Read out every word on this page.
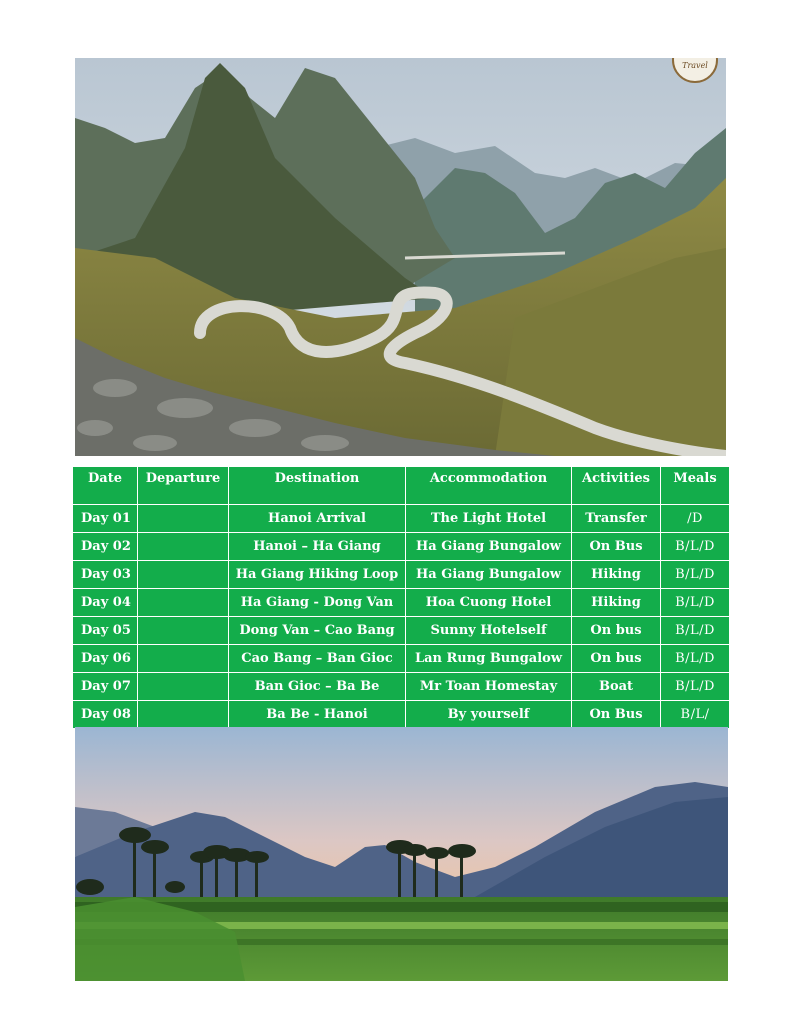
Travel
Date	Departure	Destination	Accommodation	Activities	Meals
Day 01		Hanoi Arrival	The Light Hotel	Transfer	/D
Day 02		Hanoi – Ha Giang	Ha Giang Bungalow	On Bus	B/L/D
Day 03		Ha Giang Hiking Loop	Ha Giang Bungalow	Hiking	B/L/D
Day 04		Ha Giang - Dong Van	Hoa Cuong Hotel	Hiking	B/L/D
Day 05		Dong Van – Cao Bang	Sunny Hotelself	On bus	B/L/D
Day 06		Cao Bang – Ban Gioc	Lan Rung Bungalow	On bus	B/L/D
Day 07		Ban Gioc – Ba Be	Mr Toan Homestay	Boat	B/L/D
Day 08		Ba Be - Hanoi	By yourself	On Bus	B/L/
